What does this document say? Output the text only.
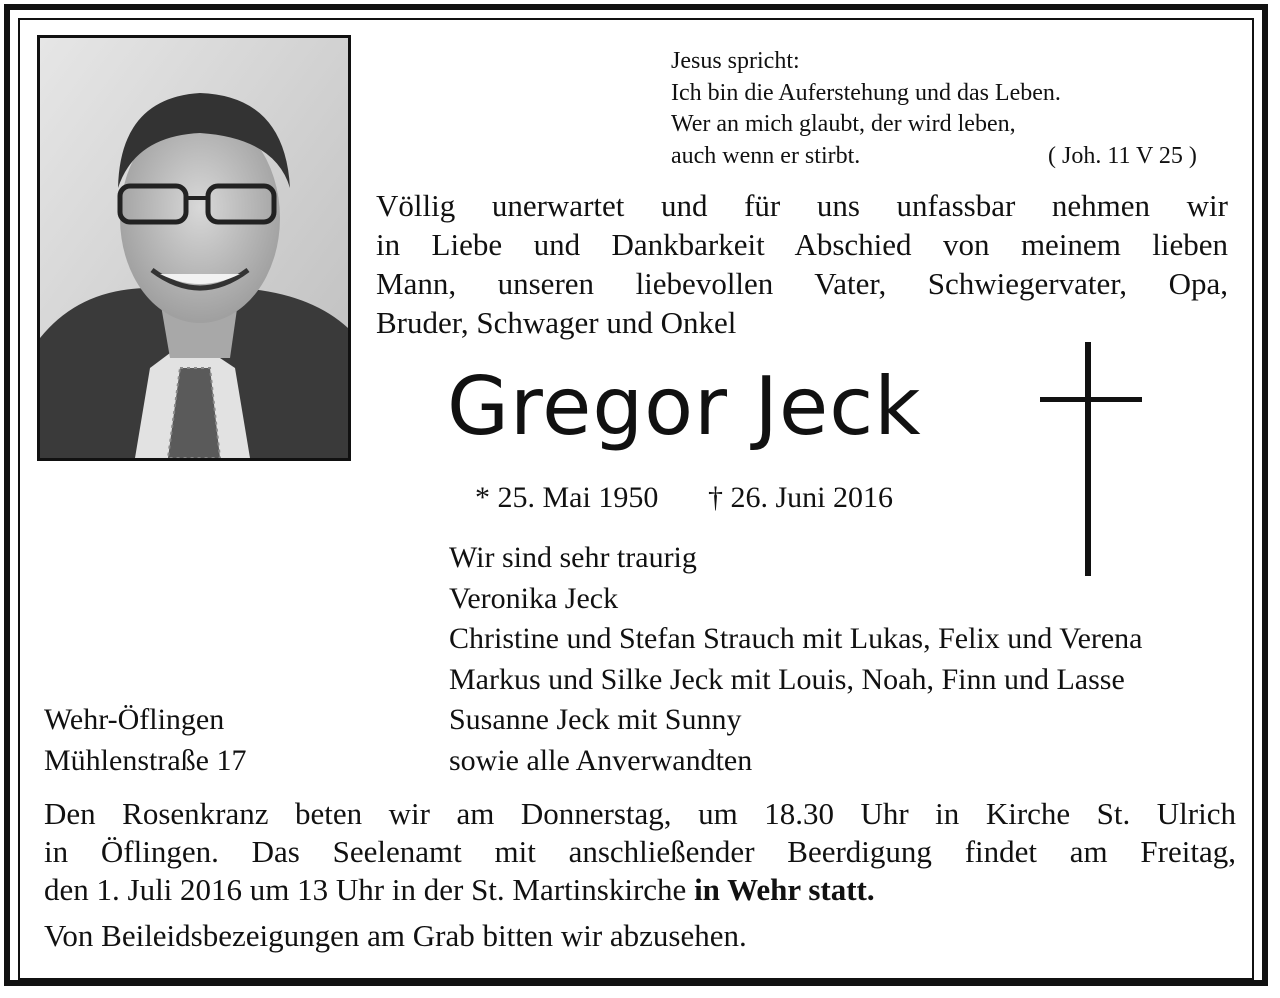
Jesus spricht:
Ich bin die Auferstehung und das Leben.
Wer an mich glaubt, der wird leben,
auch wenn er stirbt.	( Joh. 11 V 25 )
Völlig unerwartet und für uns unfassbar nehmen wir
in Liebe und Dankbarkeit Abschied von meinem lieben
Mann, unseren liebevollen Vater, Schwiegervater, Opa,
Bruder, Schwager und Onkel
Gregor Jeck
* 25. Mai 1950 † 26. Juni 2016
Wir sind sehr traurig
Veronika Jeck
Christine und Stefan Strauch mit Lukas, Felix und Verena
Markus und Silke Jeck mit Louis, Noah, Finn und Lasse
Susanne Jeck mit Sunny
sowie alle Anverwandten
Wehr-Öflingen
Mühlenstraße 17
Den Rosenkranz beten wir am Donnerstag, um 18.30 Uhr in Kirche St. Ulrich
in Öflingen. Das Seelenamt mit anschließender Beerdigung findet am Freitag,
den 1. Juli 2016 um 13 Uhr in der St. Martinskirche in Wehr statt.
Von Beileidsbezeigungen am Grab bitten wir abzusehen.
